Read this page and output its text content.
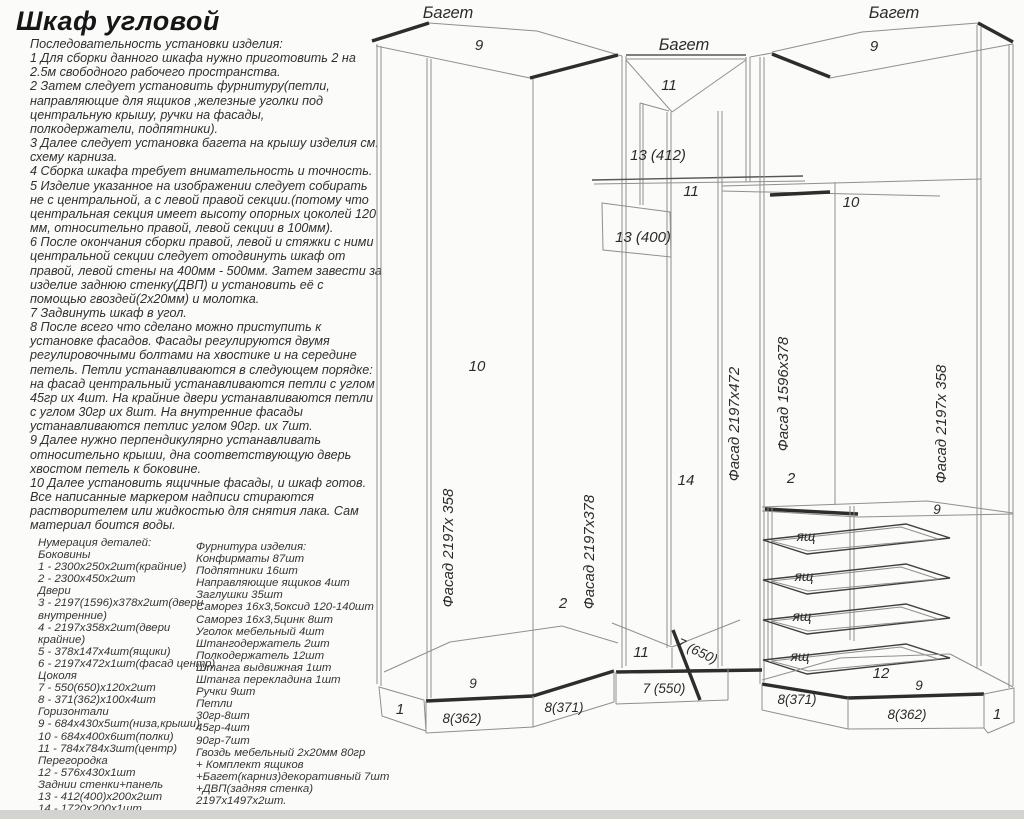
Шкаф угловой
Последовательность установки изделия:
1 Для сборки данного шкафа нужно приготовить 2 на
2.5м свободного рабочего пространства.
2 Затем следует установить фурнитуру(петли,
направляющие для ящиков ,железные уголки под
центральную крышу, ручки на фасады,
полкодержатели, подпятники).
3 Далее следует установка багета на крышу изделия см.
схему карниза.
4 Сборка шкафа требует внимательность и точность.
5 Изделие указанное на изображении следует собирать
не с центральной, а с левой правой секции.(потому что
центральная секция имеет высоту опорных цоколей 120
мм, относительно правой, левой секции в 100мм).
6 После окончания сборки правой, левой и стяжки с ними
центральной секции следует отодвинуть шкаф от
правой, левой стены на 400мм - 500мм. Затем завести за
изделие заднюю стенку(ДВП) и установить её с
помощью гвоздей(2х20мм) и молотка.
7 Задвинуть шкаф в угол.
8 После всего что сделано можно приступить к
установке фасадов. Фасады регулируются двумя
регулировочными болтами на хвостике и на середине
петель. Петли устанавливаются в следующем порядке:
на фасад центральный устанавливаются петли с углом
45гр их 4шт. На крайние двери устанавливаются петли
с углом 30гр их 8шт. На внутренние фасады
устанавливаются петлис углом 90гр. их 7шт.
9 Далее нужно перпендикулярно устанавливать
относительно крыши, дна соответствующую дверь
хвостом петель к боковине.
10 Далее установить ящичные фасады, и шкаф готов.
Все написанные маркером надписи стираются
растворителем или жидкостью для снятия лака. Сам
материал боится воды.
Нумерация деталей:
Боковины
1 - 2300х250х2шт(крайние)
2 - 2300х450х2шт
Двери
3 - 2197(1596)х378х2шт(двери
внутренние)
4 - 2197х358х2шт(двери
крайние)
5 - 378х147х4шт(ящики)
6 - 2197х472х1шт(фасад центр)
Цоколя
7 - 550(650)х120х2шт
8 - 371(362)х100х4шт
Горизонтали
9 - 684х430х5шт(низа,крыши)
10 - 684х400х6шт(полки)
11 - 784х784х3шт(центр)
Перегородка
12 - 576х430х1шт
Заднии стенки+панель
13 - 412(400)х200х2шт
Фурнитура изделия:
Конфирматы 87шт
Подпятники 16шт
Направляющие ящиков 4шт
Заглушки 35шт
Саморез 16х3,5оксид 120-140шт
Саморез 16х3,5цинк 8шт
Уголок мебельный 4шт
Штангодержатель 2шт
Полкодержатель 12шт
Штанга выдвижная 1шт
Штанга перекладина 1шт
Ручки 9шт
Петли
30гр-8шт
45гр-4шт
90гр-7шт
Гвоздь мебельный 2х20мм 80гр
+ Комплект ящиков
+Багет(карниз)декоративный 7шт
+ДВП(задняя стенка)
2197х1497х2шт.
Багет
9	Багет
11
Багет
9
13 (412)
11
13 (400)
10
10
Фасад 2197х 358	Фасад 2197х378
2
14 Фасад 2197х472 Фасад 1596х378	Фасад 2197х 358
2
ящ
ящ
ящ
ящ
9
12
9
8(371)
8(362)	1
11 7 (650)
7 (550)
1
9
8(362)
8(371)
